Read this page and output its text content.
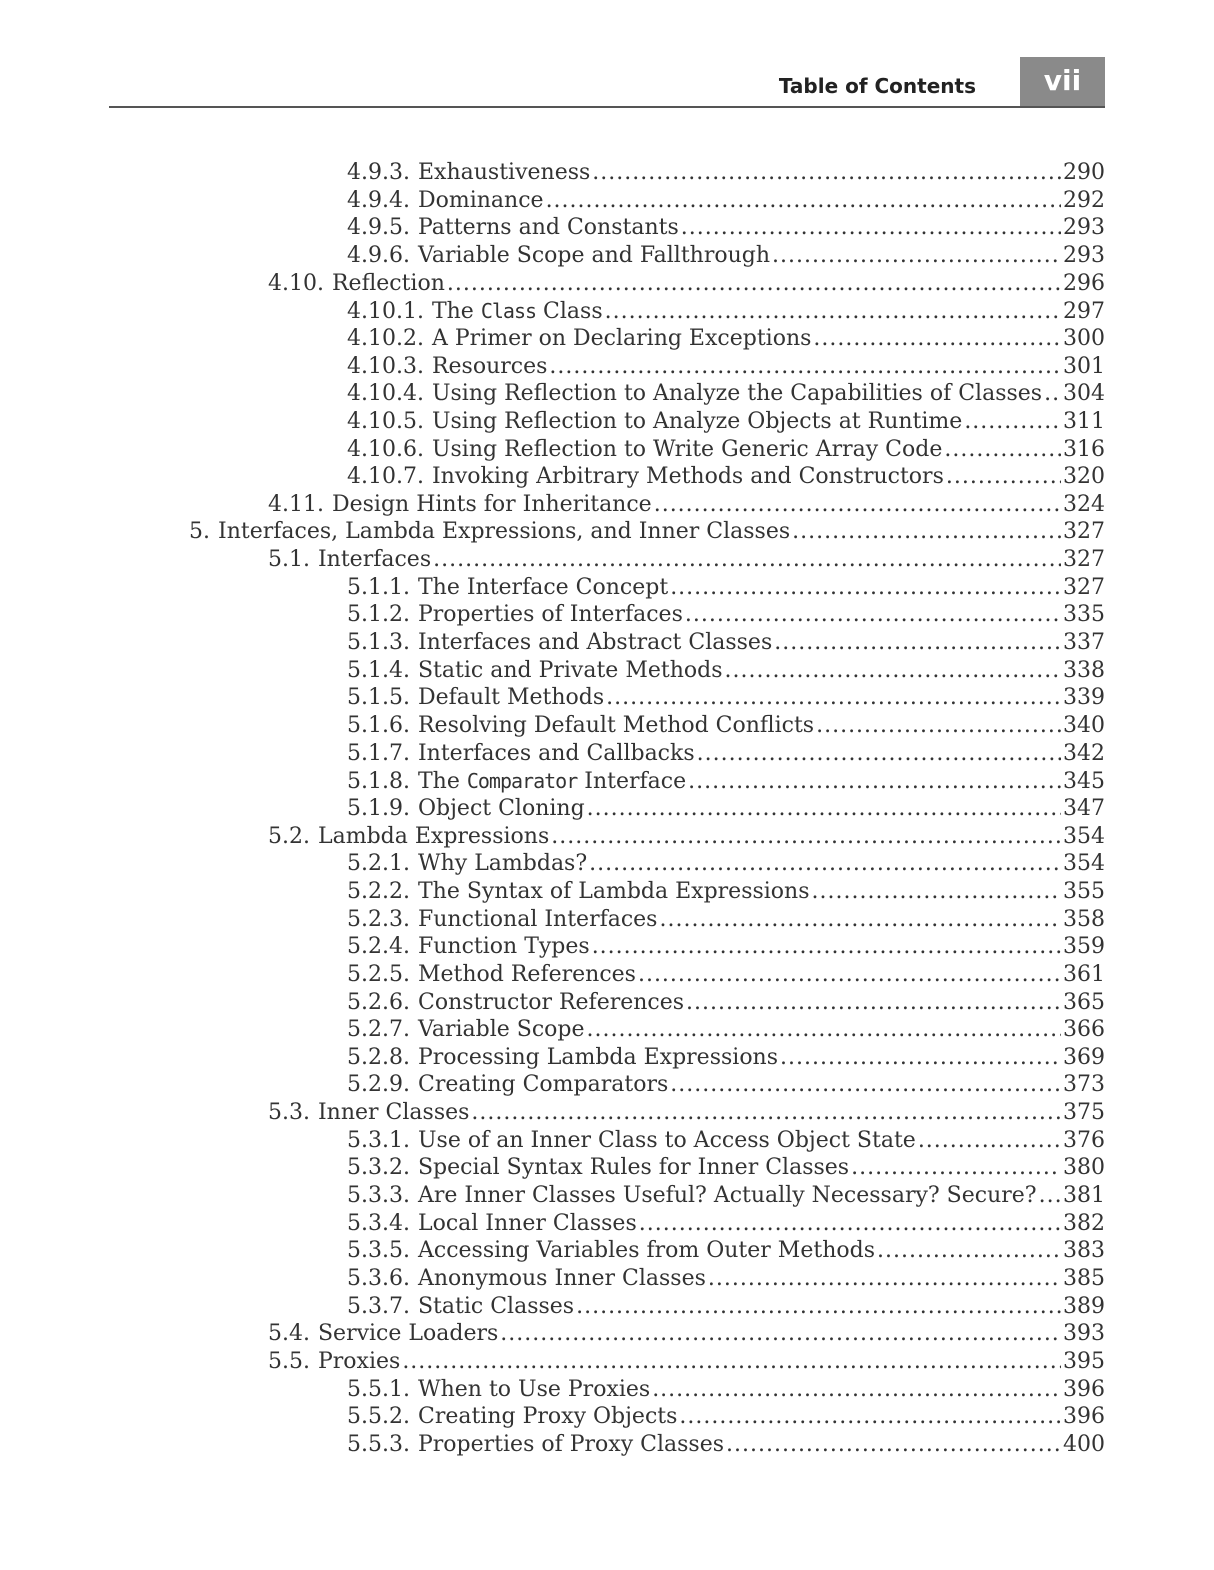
Table of Contents	vii
4.9.3. Exhaustiveness .....	290
4.9.4. Dominance .....	292
4.9.5. Patterns and Constants .....	293
4.9.6. Variable Scope and Fallthrough .....	293
4.10. Reflection .....	296
4.10.1. The Class Class .....	297
4.10.2. A Primer on Declaring Exceptions .....	300
4.10.3. Resources .....	301
4.10.4. Using Reflection to Analyze the Capabilities of Classes ..... 304
4.10.5. Using Reflection to Analyze Objects at Runtime .....	311
4.10.6. Using Reflection to Write Generic Array Code .....	316
4.10.7. Invoking Arbitrary Methods and Constructors .....	320
4.11. Design Hints for Inheritance .....	324
5. Interfaces, Lambda Expressions, and Inner Classes .....	327
5.1. Interfaces .....	327
5.1.1. The Interface Concept .....	327
5.1.2. Properties of Interfaces .....	335
5.1.3. Interfaces and Abstract Classes .....	337
5.1.4. Static and Private Methods .....	338
5.1.5. Default Methods .....	339
5.1.6. Resolving Default Method Conflicts .....	340
5.1.7. Interfaces and Callbacks .....	342
5.1.8. The Comparator Interface .....	345
5.1.9. Object Cloning .....	347
5.2. Lambda Expressions .....	354
5.2.1. Why Lambdas? .....	354
5.2.2. The Syntax of Lambda Expressions .....	355
5.2.3. Functional Interfaces .....	358
5.2.4. Function Types .....	359
5.2.5. Method References .....	361
5.2.6. Constructor References .....	365
5.2.7. Variable Scope .....	366
5.2.8. Processing Lambda Expressions .....	369
5.2.9. Creating Comparators .....	373
5.3. Inner Classes .....	375
5.3.1. Use of an Inner Class to Access Object State .....	376
5.3.2. Special Syntax Rules for Inner Classes .....	380
5.3.3. Are Inner Classes Useful? Actually Necessary? Secure? ..... 381
5.3.4. Local Inner Classes .....	382
5.3.5. Accessing Variables from Outer Methods .....	383
5.3.6. Anonymous Inner Classes .....	385
5.3.7. Static Classes .....	389
5.4. Service Loaders .....	393
5.5. Proxies .....	395
5.5.1. When to Use Proxies .....	396
5.5.2. Creating Proxy Objects .....	396
5.5.3. Properties of Proxy Classes .....	400
